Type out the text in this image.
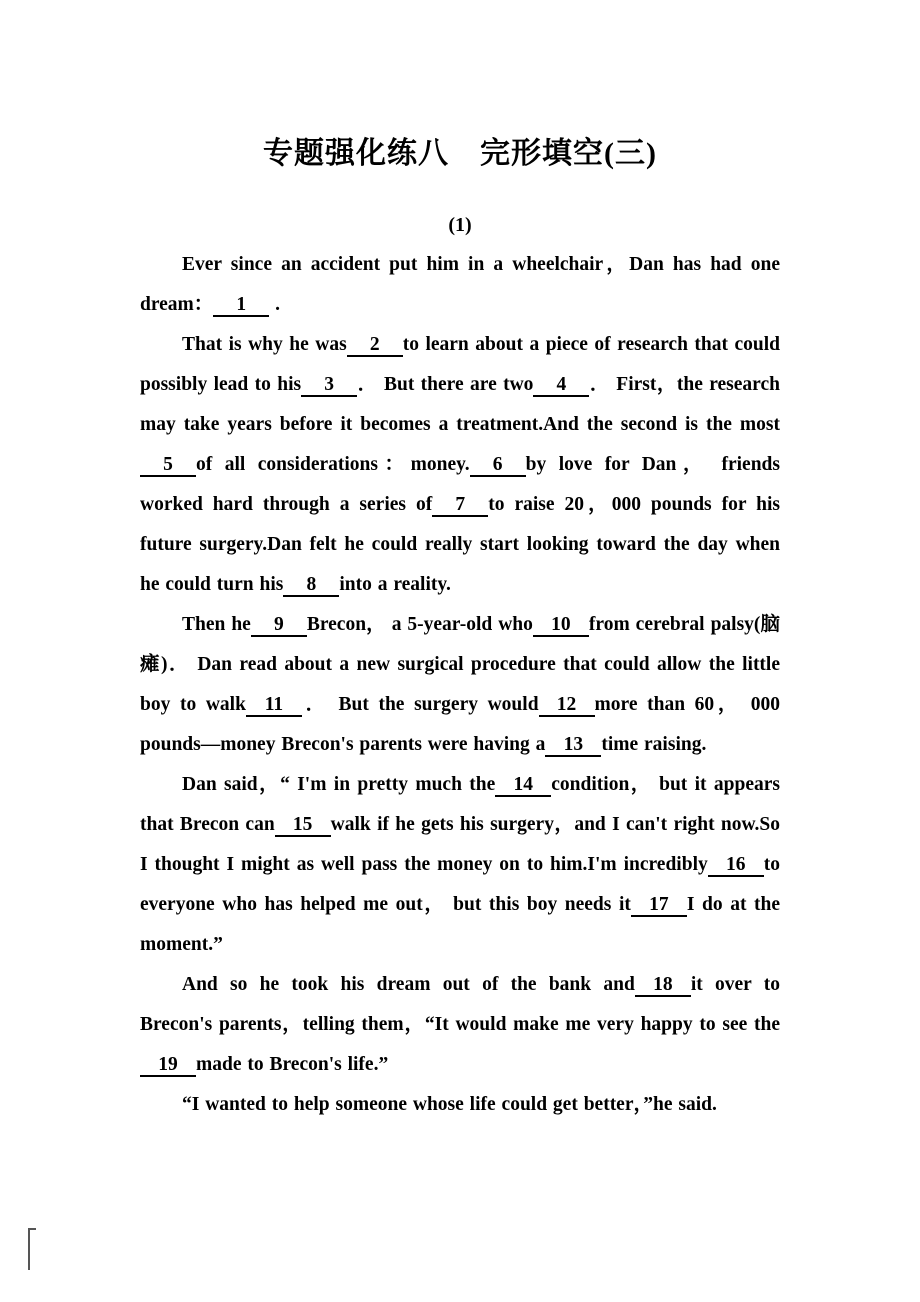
专题强化练八　完形填空(三)
(1)

Ever since an accident put him in a wheelchair，Dan has had one dream： 1 .

That is why he was 2 to learn about a piece of research that could possibly lead to his 3 ． But there are two 4 ． First，the research may take years before it becomes a treatment.And the second is the most5 of all considerations：money. 6 by love for Dan， friends worked hard through a series of 7 to raise 20，000 pounds for his future surgery.Dan felt he could really start looking toward the day when he could turn his 8 into a reality.

Then he 9 Brecon， a 5-year-old who 10 from cerebral palsy(脑瘫)． Dan read about a new surgical procedure that could allow the little boy to walk 11 ． But the surgery would 12 more than 60， 000 pounds—money Brecon's parents were having a 13 time raising.

Dan said，“ I'm in pretty much the 14 condition， but it appears that Brecon can 15 walk if he gets his surgery，and I can't right now.So I thought I might as well pass the money on to him.I'm incredibly 16 to everyone who has helped me out， but this boy needs it 17 I do at the moment.”

And so he took his dream out of the bank and 18 it over to Brecon's parents，telling them，“It would make me very happy to see the19 made to Brecon's life.”

“I wanted to help someone whose life could get better，”he said.
